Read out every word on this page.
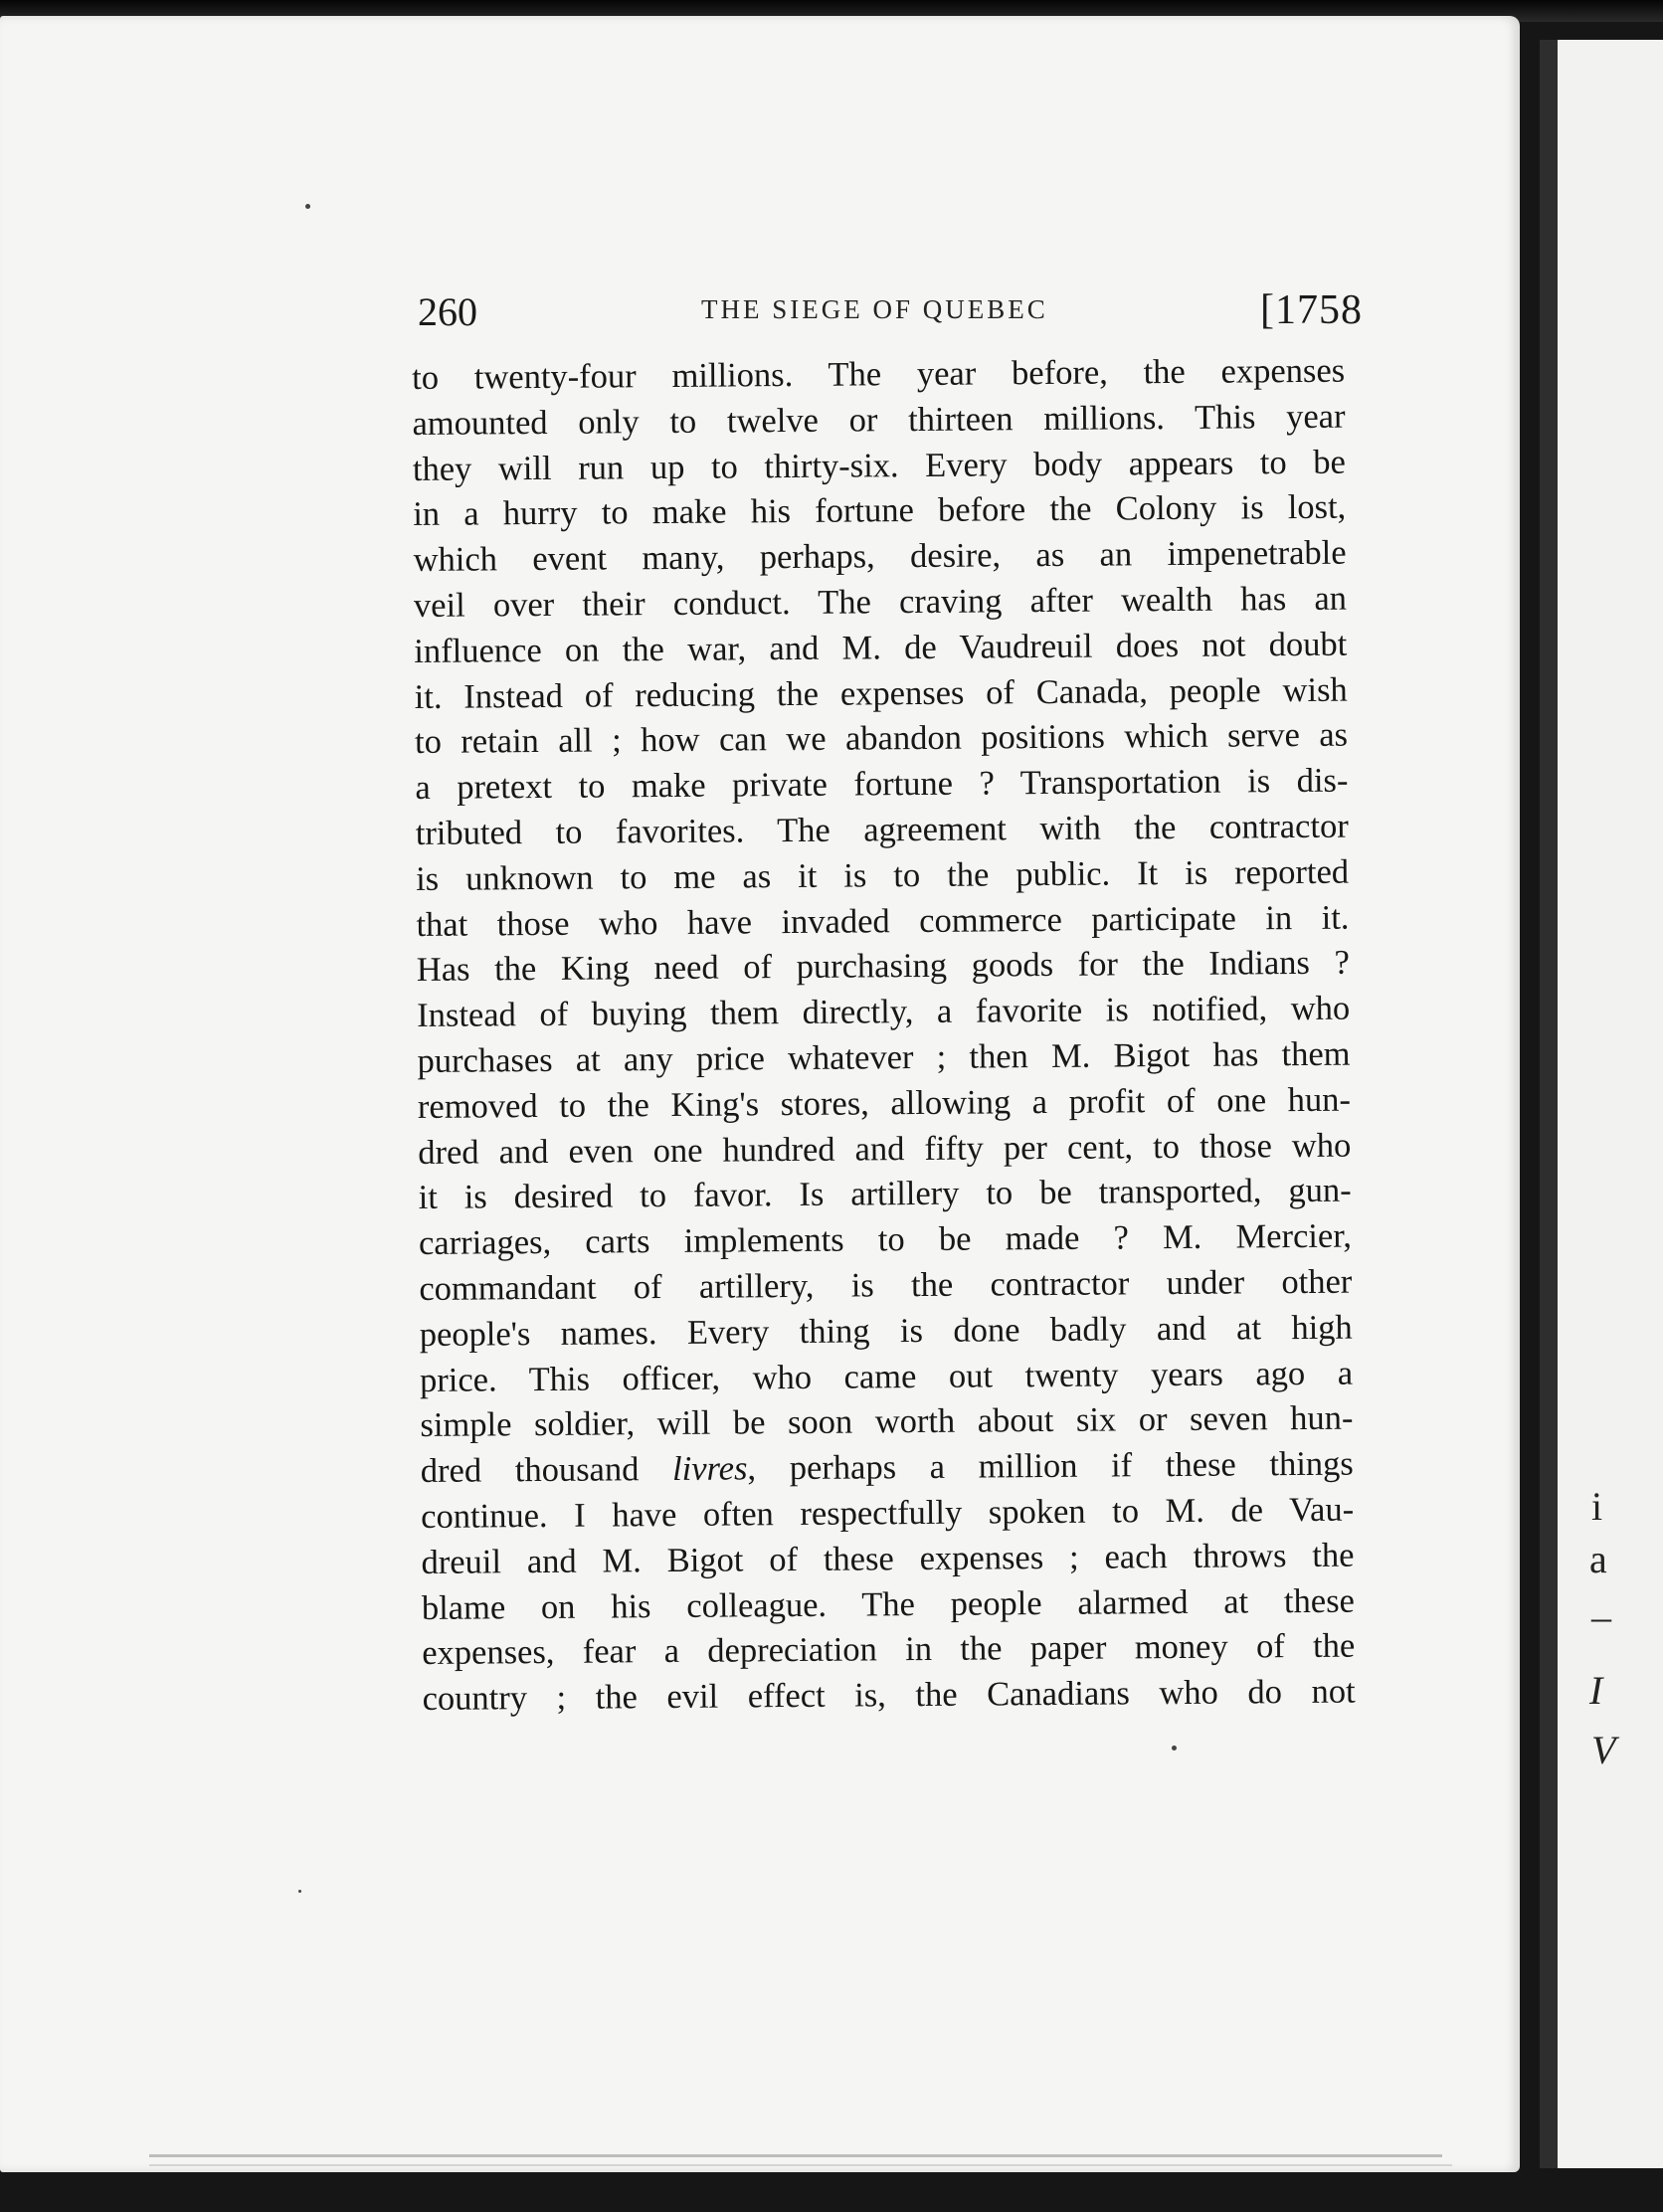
i
a
–
I
V
260	THE SIEGE OF QUEBEC	[1758
to twenty-four millions. The year before, the expenses
amounted only to twelve or thirteen millions. This year
they will run up to thirty-six. Every body appears to be
in a hurry to make his fortune before the Colony is lost,
which event many, perhaps, desire, as an impenetrable
veil over their conduct. The craving after wealth has an
influence on the war, and M. de Vaudreuil does not doubt
it. Instead of reducing the expenses of Canada, people wish
to retain all ; how can we abandon positions which serve as
a pretext to make private fortune ? Transportation is dis-
tributed to favorites. The agreement with the contractor
is unknown to me as it is to the public. It is reported
that those who have invaded commerce participate in it.
Has the King need of purchasing goods for the Indians ?
Instead of buying them directly, a favorite is notified, who
purchases at any price whatever ; then M. Bigot has them
removed to the King's stores, allowing a profit of one hun-
dred and even one hundred and fifty per cent, to those who
it is desired to favor. Is artillery to be transported, gun-
carriages, carts implements to be made ? M. Mercier,
commandant of artillery, is the contractor under other
people's names. Every thing is done badly and at high
price. This officer, who came out twenty years ago a
simple soldier, will be soon worth about six or seven hun-
dred thousand livres, perhaps a million if these things
continue. I have often respectfully spoken to M. de Vau-
dreuil and M. Bigot of these expenses ; each throws the
blame on his colleague. The people alarmed at these
expenses, fear a depreciation in the paper money of the
country ; the evil effect is, the Canadians who do not
